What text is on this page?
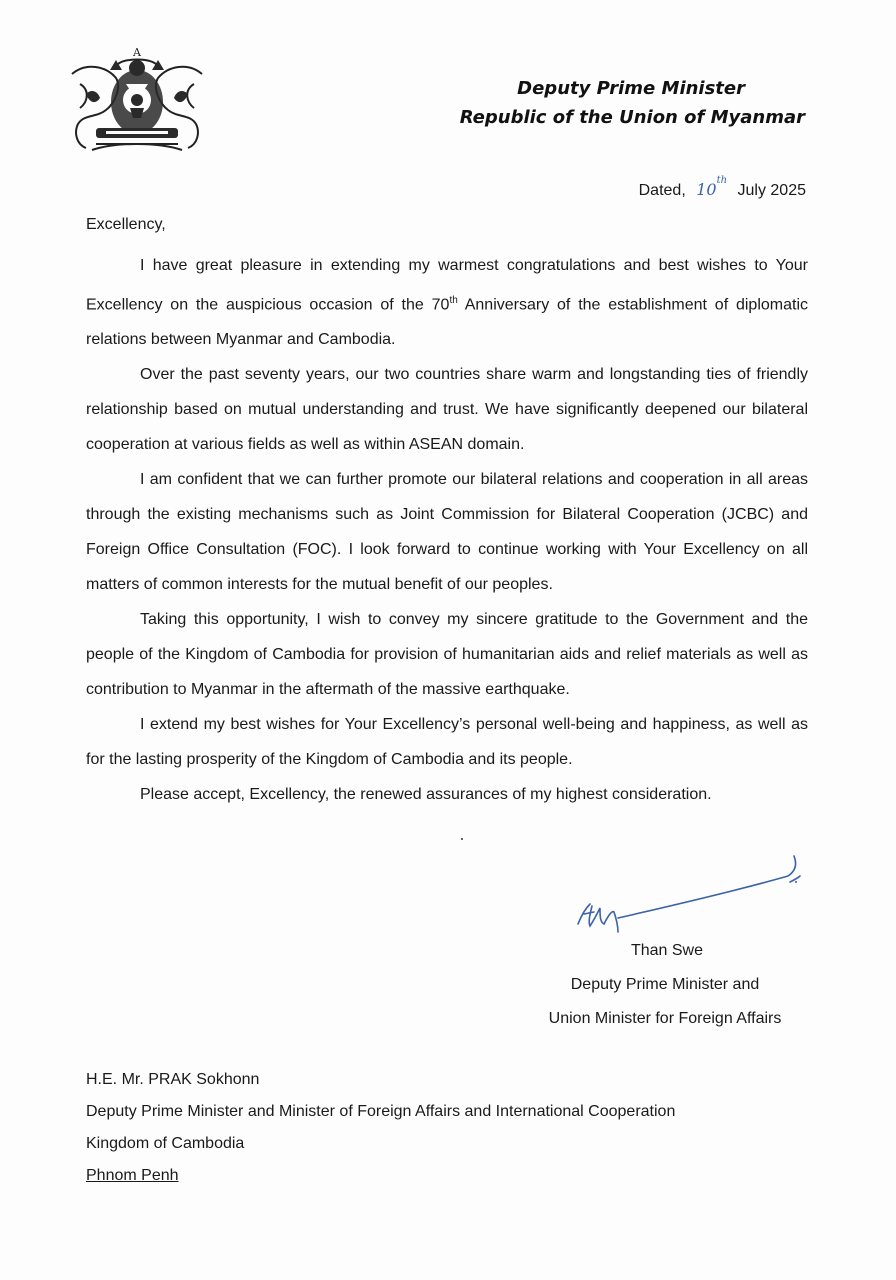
A
Deputy Prime Minister
Republic of the Union of Myanmar
Dated, 10th July 2025
Excellency,

I have great pleasure in extending my warmest congratulations and best wishes to Your Excellency on the auspicious occasion of the 70th Anniversary of the establishment of diplomatic relations between Myanmar and Cambodia.

Over the past seventy years, our two countries share warm and longstanding ties of friendly relationship based on mutual understanding and trust. We have significantly deepened our bilateral cooperation at various fields as well as within ASEAN domain.

I am confident that we can further promote our bilateral relations and cooperation in all areas through the existing mechanisms such as Joint Commission for Bilateral Cooperation (JCBC) and Foreign Office Consultation (FOC). I look forward to continue working with Your Excellency on all matters of common interests for the mutual benefit of our peoples.

Taking this opportunity, I wish to convey my sincere gratitude to the Government and the people of the Kingdom of Cambodia for provision of humanitarian aids and relief materials as well as contribution to Myanmar in the aftermath of the massive earthquake.

I extend my best wishes for Your Excellency’s personal well-being and happiness, as well as for the lasting prosperity of the Kingdom of Cambodia and its people.

Please accept, Excellency, the renewed assurances of my highest consideration.

Than Swe
Deputy Prime Minister and
Union Minister for Foreign Affairs
H.E. Mr. PRAK Sokhonn
Deputy Prime Minister and Minister of Foreign Affairs and International Cooperation
Kingdom of Cambodia
Phnom Penh
